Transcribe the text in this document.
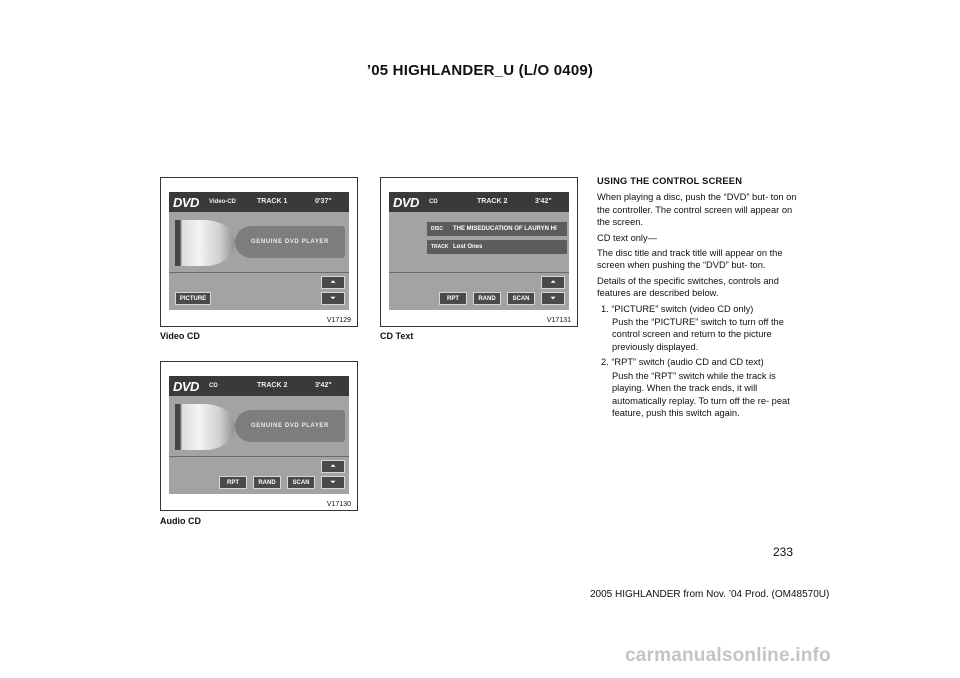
’05 HIGHLANDER_U (L/O 0409)
DVD Video-CD	TRACK 1	0'37"
GENUINE DVD PLAYER
⏶
⏷
PICTURE
V17129
Video CD
DVD CD	TRACK 2	3'42"
DISC THE MISEDUCATION OF LAURYN HI
TRACK Lost Ones
⏶
⏷
RPT	RAND	SCAN
V17131
CD Text
DVD CD	TRACK 2	3'42"
GENUINE DVD PLAYER
⏶
⏷
RPT	RAND	SCAN
V17130
Audio CD

USING THE CONTROL SCREEN

When playing a disc, push the “DVD” but- ton on the controller. The control screen will appear on the screen.

CD text only—

The disc title and track title will appear on the screen when pushing the “DVD” but- ton.

Details of the specific switches, controls and features are described below.

1. “PICTURE” switch (video CD only)

Push the “PICTURE” switch to turn off the control screen and return to the picture previously displayed.

2. “RPT” switch (audio CD and CD text)

Push the “RPT” switch while the track is playing. When the track ends, it will automatically replay. To turn off the re- peat feature, push this switch again.

233
2005 HIGHLANDER from Nov. ’04 Prod. (OM48570U)
carmanualsonline.info
